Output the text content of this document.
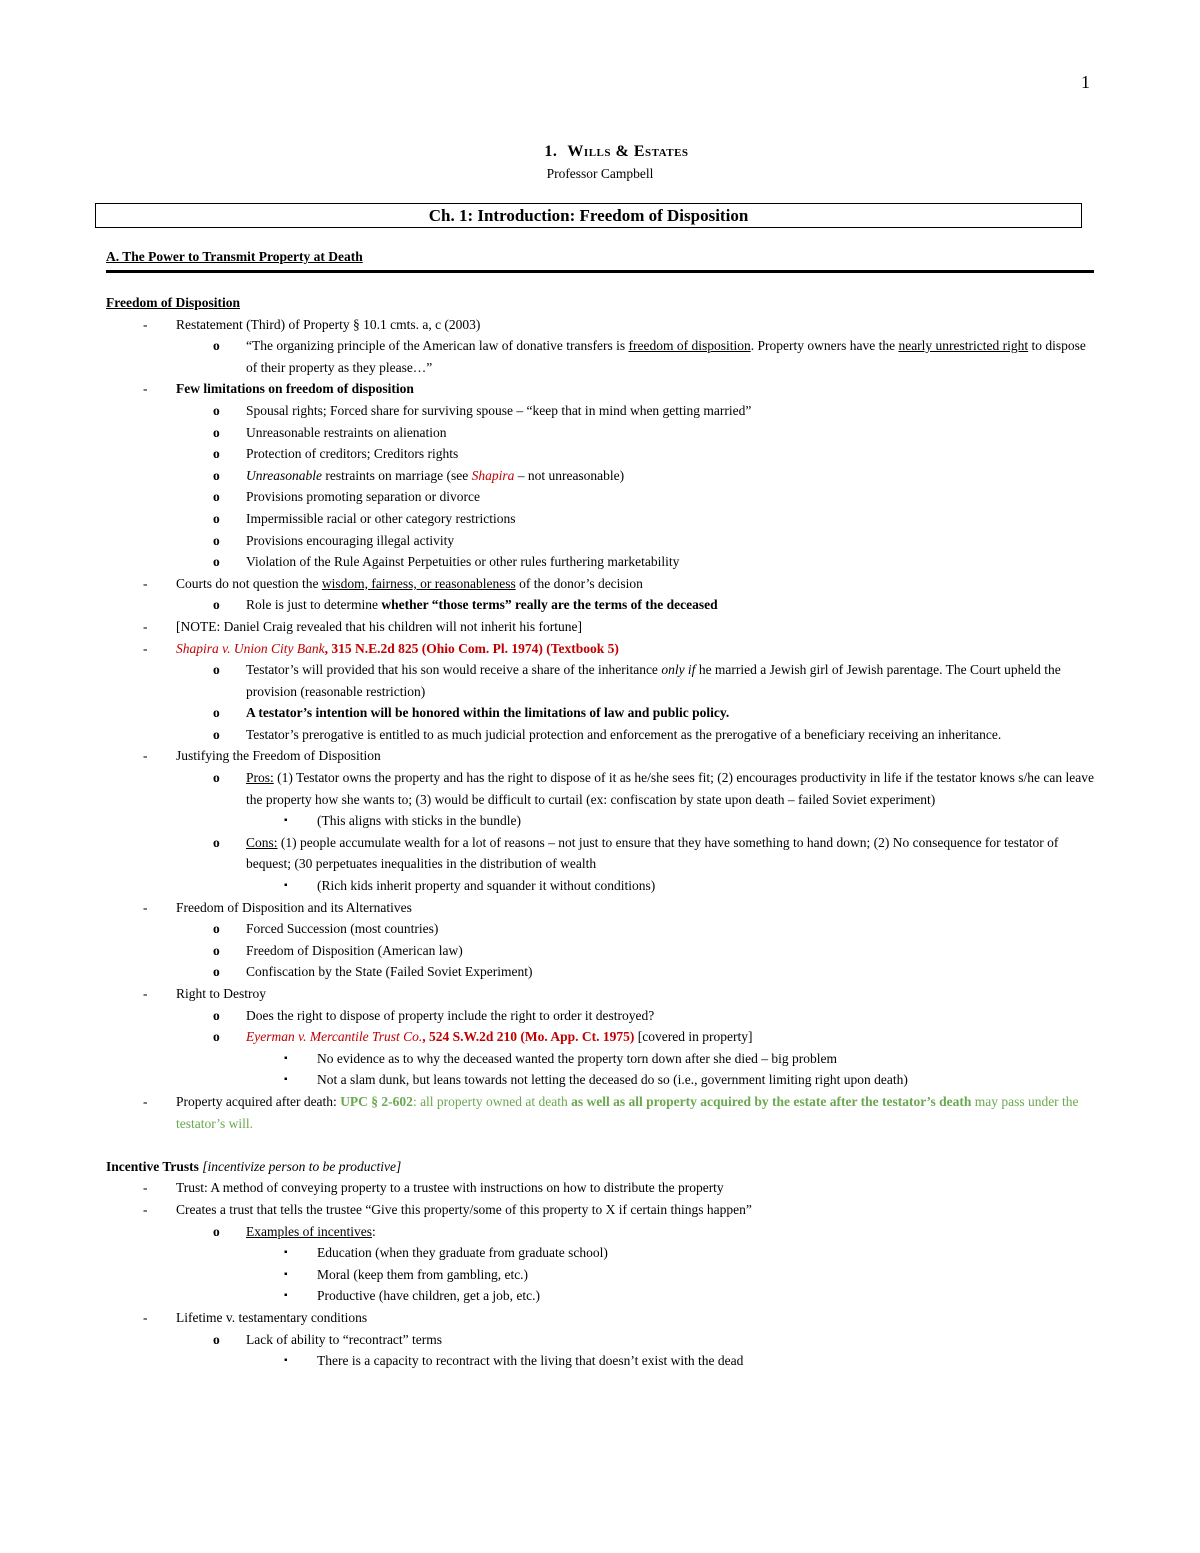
1
1. Wills & Estates
Professor Campbell
Ch. 1: Introduction: Freedom of Disposition
A. The Power to Transmit Property at Death
Freedom of Disposition
- Restatement (Third) of Property § 10.1 cmts. a, c (2003)
o “The organizing principle of the American law of donative transfers is freedom of disposition. Property owners have the nearly unrestricted right to dispose of their property as they please…”
- Few limitations on freedom of disposition
o Spousal rights; Forced share for surviving spouse – “keep that in mind when getting married”
o Unreasonable restraints on alienation
o Protection of creditors; Creditors rights
o Unreasonable restraints on marriage (see Shapira – not unreasonable)
o Provisions promoting separation or divorce
o Impermissible racial or other category restrictions
o Provisions encouraging illegal activity
o Violation of the Rule Against Perpetuities or other rules furthering marketability
- Courts do not question the wisdom, fairness, or reasonableness of the donor’s decision
o Role is just to determine whether “those terms” really are the terms of the deceased
- [NOTE: Daniel Craig revealed that his children will not inherit his fortune]
- Shapira v. Union City Bank, 315 N.E.2d 825 (Ohio Com. Pl. 1974) (Textbook 5)
o Testator’s will provided that his son would receive a share of the inheritance only if he married a Jewish girl of Jewish parentage. The Court upheld the provision (reasonable restriction)
o A testator’s intention will be honored within the limitations of law and public policy.
o Testator’s prerogative is entitled to as much judicial protection and enforcement as the prerogative of a beneficiary receiving an inheritance.
- Justifying the Freedom of Disposition
o Pros: (1) Testator owns the property and has the right to dispose of it as he/she sees fit; (2) encourages productivity in life if the testator knows s/he can leave the property how she wants to; (3) would be difficult to curtail (ex: confiscation by state upon death – failed Soviet experiment)
▪ (This aligns with sticks in the bundle)
o Cons: (1) people accumulate wealth for a lot of reasons – not just to ensure that they have something to hand down; (2) No consequence for testator of bequest; (30 perpetuates inequalities in the distribution of wealth
▪ (Rich kids inherit property and squander it without conditions)
- Freedom of Disposition and its Alternatives
o Forced Succession (most countries)
o Freedom of Disposition (American law)
o Confiscation by the State (Failed Soviet Experiment)
- Right to Destroy
o Does the right to dispose of property include the right to order it destroyed?
o Eyerman v. Mercantile Trust Co., 524 S.W.2d 210 (Mo. App. Ct. 1975) [covered in property]
▪ No evidence as to why the deceased wanted the property torn down after she died – big problem
▪ Not a slam dunk, but leans towards not letting the deceased do so (i.e., government limiting right upon death)
- Property acquired after death: UPC § 2-602: all property owned at death as well as all property acquired by the estate after the testator’s death may pass under the testator’s will.
Incentive Trusts [incentivize person to be productive]
- Trust: A method of conveying property to a trustee with instructions on how to distribute the property
- Creates a trust that tells the trustee “Give this property/some of this property to X if certain things happen”
o Examples of incentives:
▪ Education (when they graduate from graduate school)
▪ Moral (keep them from gambling, etc.)
▪ Productive (have children, get a job, etc.)
- Lifetime v. testamentary conditions
o Lack of ability to “recontract” terms
▪ There is a capacity to recontract with the living that doesn’t exist with the dead
